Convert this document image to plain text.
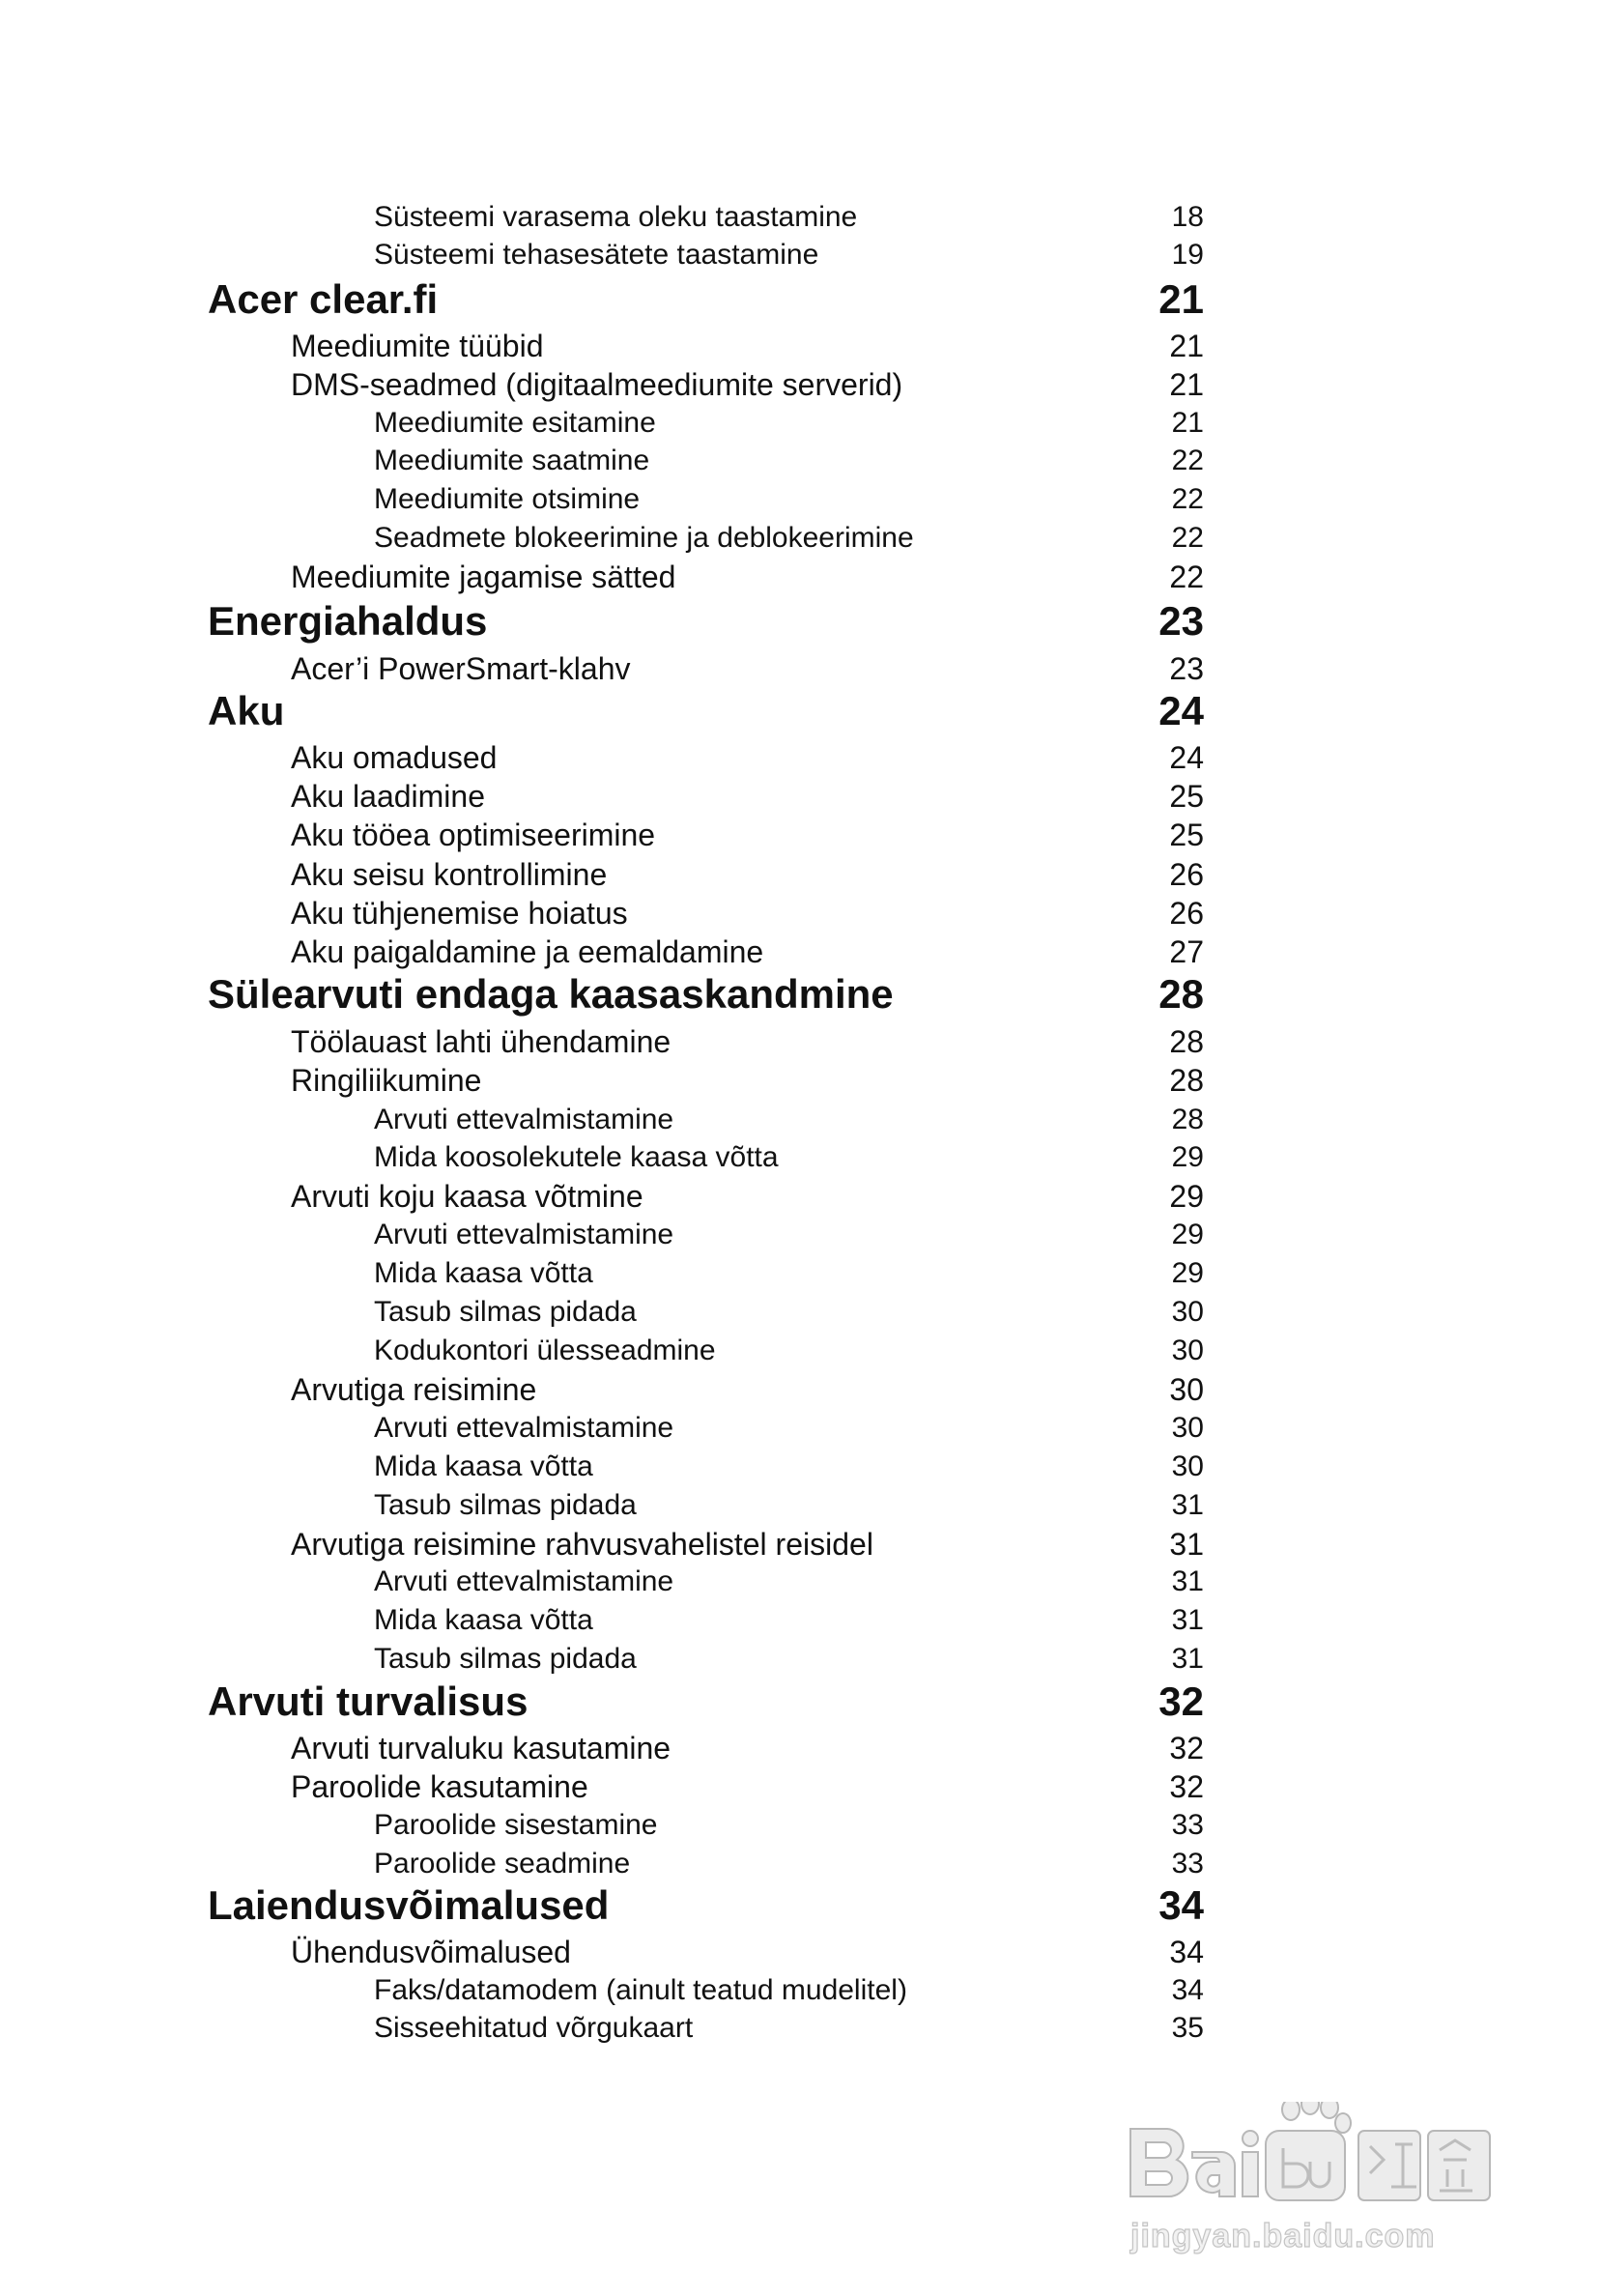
Süsteemi varasema oleku taastamine	18
Süsteemi tehasesätete taastamine	19
Acer clear.fi	21
Meediumite tüübid	21
DMS-seadmed (digitaalmeediumite serverid)	21
Meediumite esitamine	21
Meediumite saatmine	22
Meediumite otsimine	22
Seadmete blokeerimine ja deblokeerimine	22
Meediumite jagamise sätted	22
Energiahaldus	23
Acer’i PowerSmart-klahv	23
Aku	24
Aku omadused	24
Aku laadimine	25
Aku tööea optimiseerimine	25
Aku seisu kontrollimine	26
Aku tühjenemise hoiatus	26
Aku paigaldamine ja eemaldamine	27
Sülearvuti endaga kaasaskandmine	28
Töölauast lahti ühendamine	28
Ringiliikumine	28
Arvuti ettevalmistamine	28
Mida koosolekutele kaasa võtta	29
Arvuti koju kaasa võtmine	29
Arvuti ettevalmistamine	29
Mida kaasa võtta	29
Tasub silmas pidada	30
Kodukontori ülesseadmine	30
Arvutiga reisimine	30
Arvuti ettevalmistamine	30
Mida kaasa võtta	30
Tasub silmas pidada	31
Arvutiga reisimine rahvusvahelistel reisidel	31
Arvuti ettevalmistamine	31
Mida kaasa võtta	31
Tasub silmas pidada	31
Arvuti turvalisus	32
Arvuti turvaluku kasutamine	32
Paroolide kasutamine	32
Paroolide sisestamine	33
Paroolide seadmine	33
Laiendusvõimalused	34
Ühendusvõimalused	34
Faks/datamodem (ainult teatud mudelitel)	34
Sisseehitatud võrgukaart	35
jingyan.baidu.com
